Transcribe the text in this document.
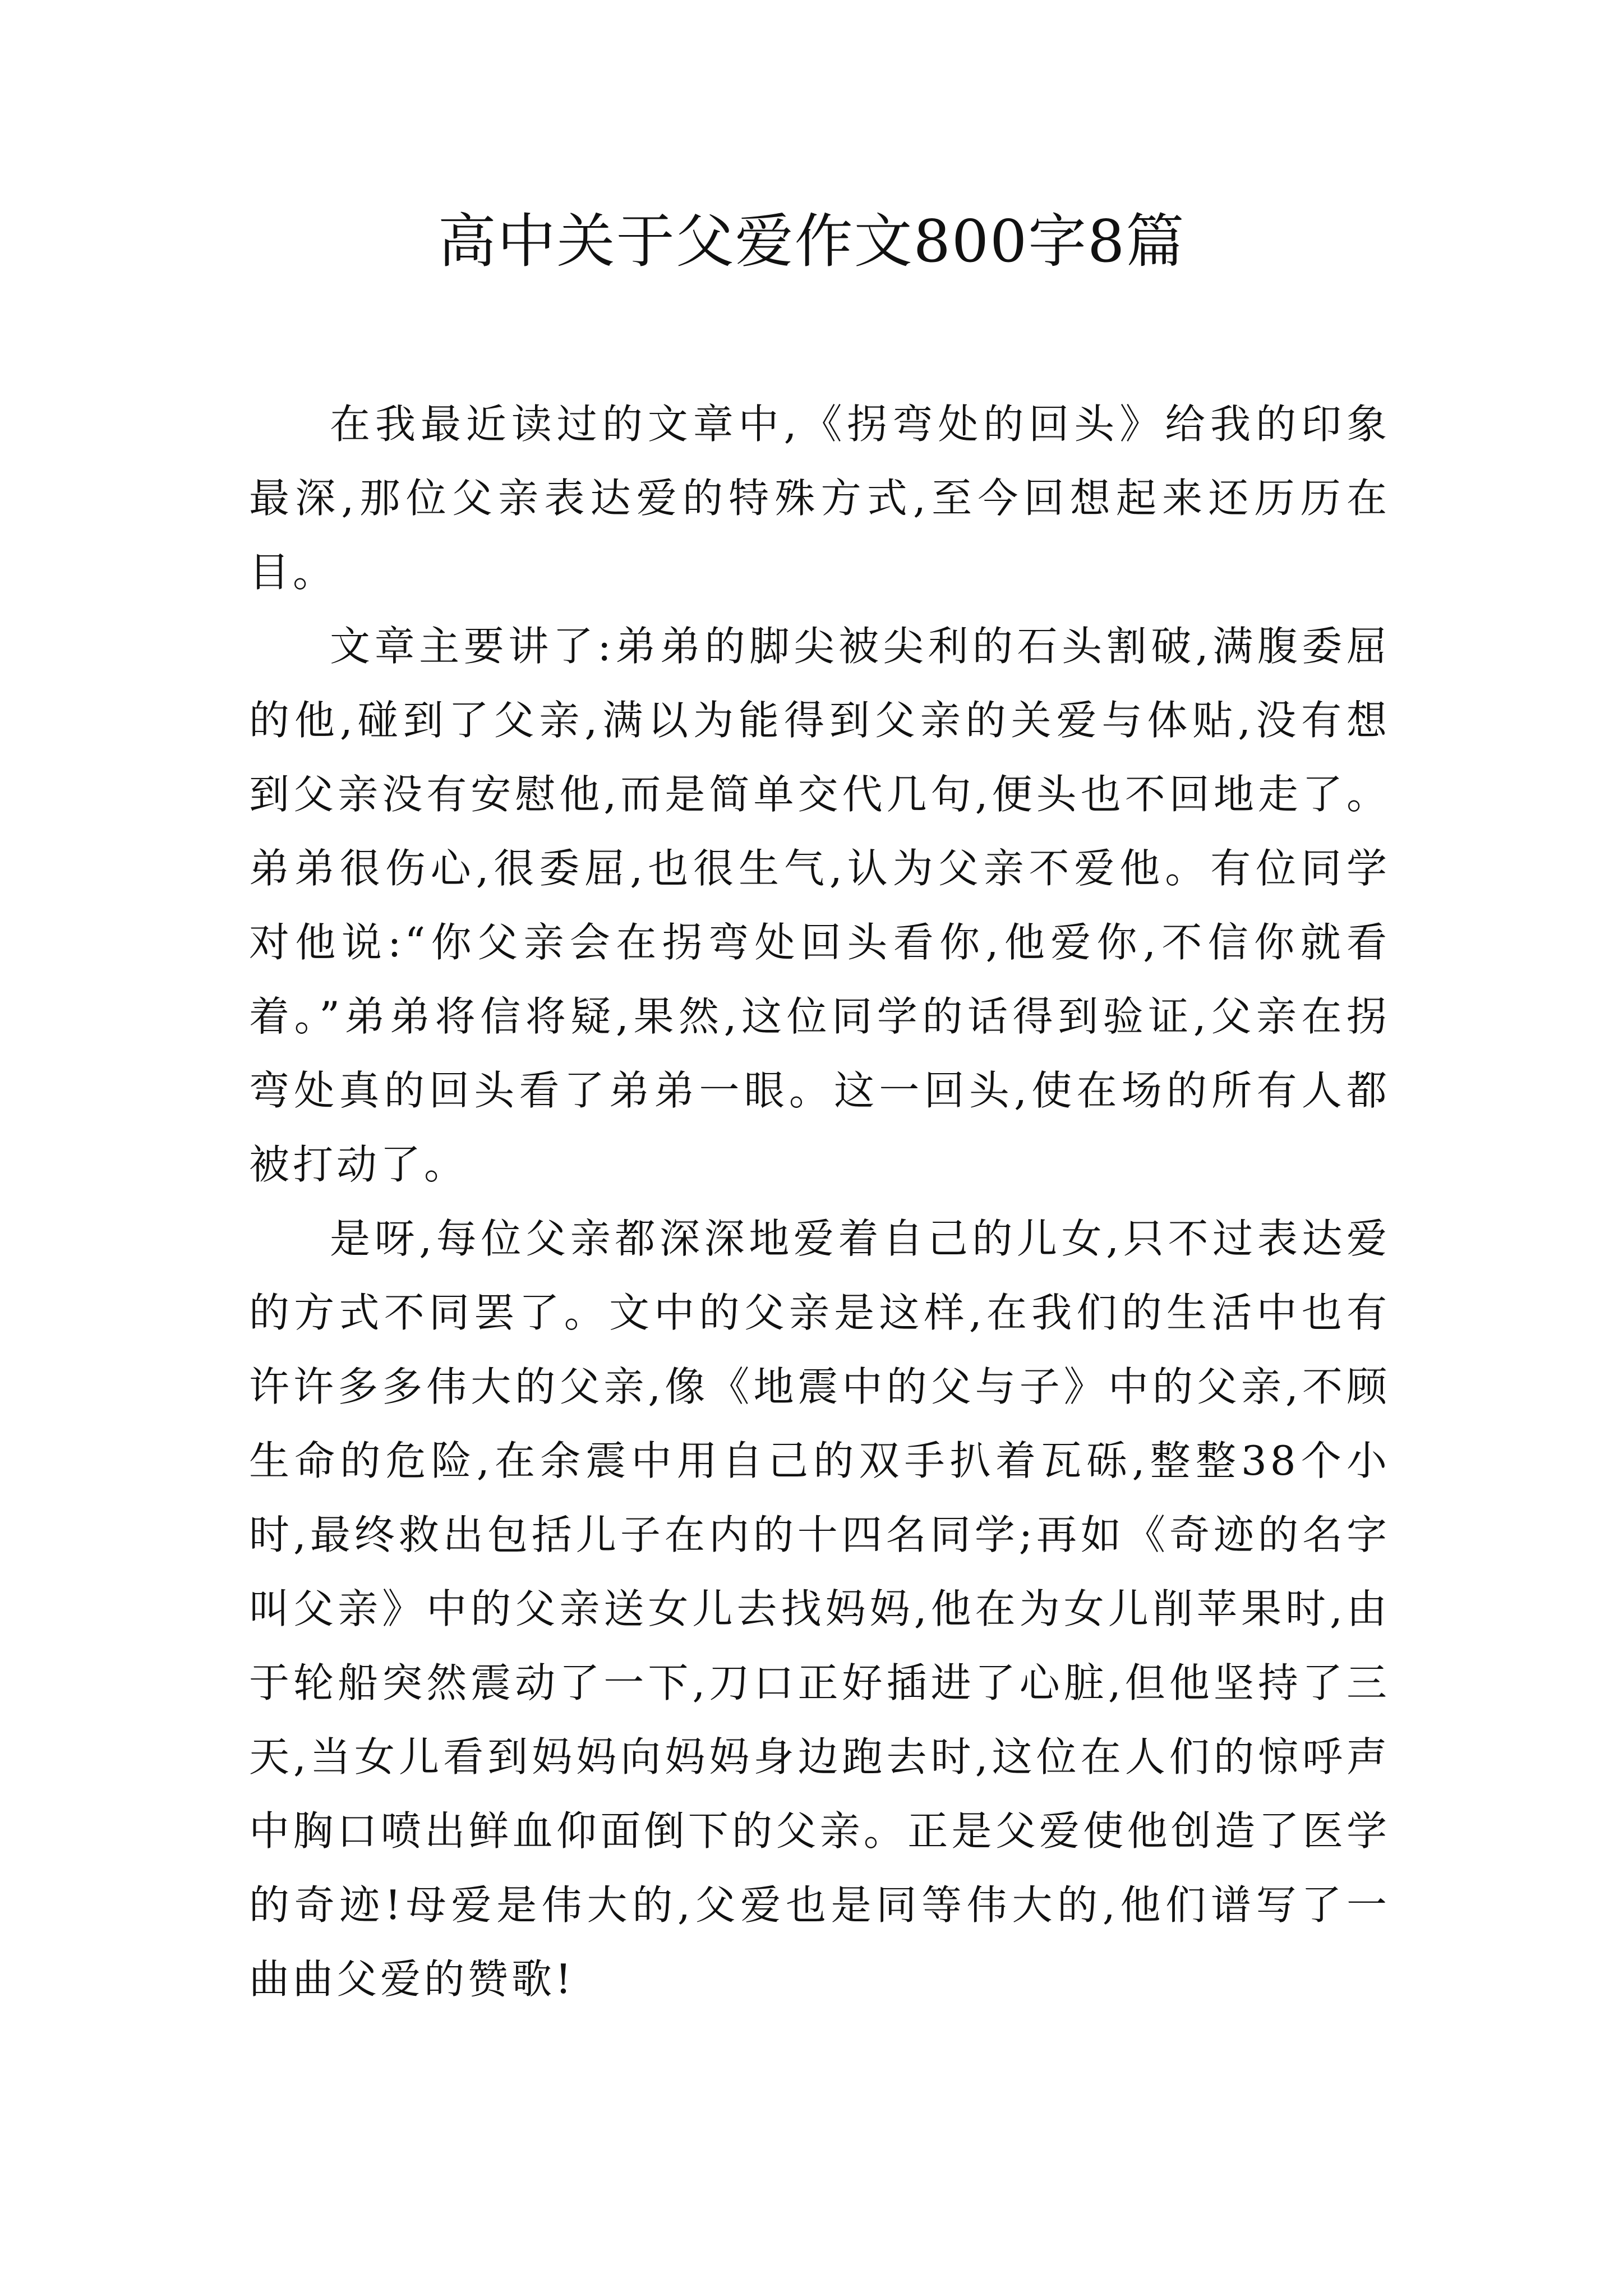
高中关于父爱作文800字8篇

在我最近读过的文章中,《拐弯处的回头》给我的印象最深,那位父亲表达爱的特殊方式,至今回想起来还历历在目。

文章主要讲了:弟弟的脚尖被尖利的石头割破,满腹委屈的他,碰到了父亲,满以为能得到父亲的关爱与体贴,没有想到父亲没有安慰他,而是简单交代几句,便头也不回地走了。弟弟很伤心,很委屈,也很生气,认为父亲不爱他。有位同学对他说:“你父亲会在拐弯处回头看你,他爱你,不信你就看着。”弟弟将信将疑,果然,这位同学的话得到验证,父亲在拐弯处真的回头看了弟弟一眼。这一回头,使在场的所有人都被打动了。

是呀,每位父亲都深深地爱着自己的儿女,只不过表达爱的方式不同罢了。文中的父亲是这样,在我们的生活中也有许许多多伟大的父亲,像《地震中的父与子》中的父亲,不顾生命的危险,在余震中用自己的双手扒着瓦砾,整整38个小时,最终救出包括儿子在内的十四名同学;再如《奇迹的名字叫父亲》中的父亲送女儿去找妈妈,他在为女儿削苹果时,由于轮船突然震动了一下,刀口正好插进了心脏,但他坚持了三天,当女儿看到妈妈向妈妈身边跑去时,这位在人们的惊呼声中胸口喷出鲜血仰面倒下的父亲。正是父爱使他创造了医学的奇迹!母爱是伟大的,父爱也是同等伟大的,他们谱写了一曲曲父爱的赞歌!
